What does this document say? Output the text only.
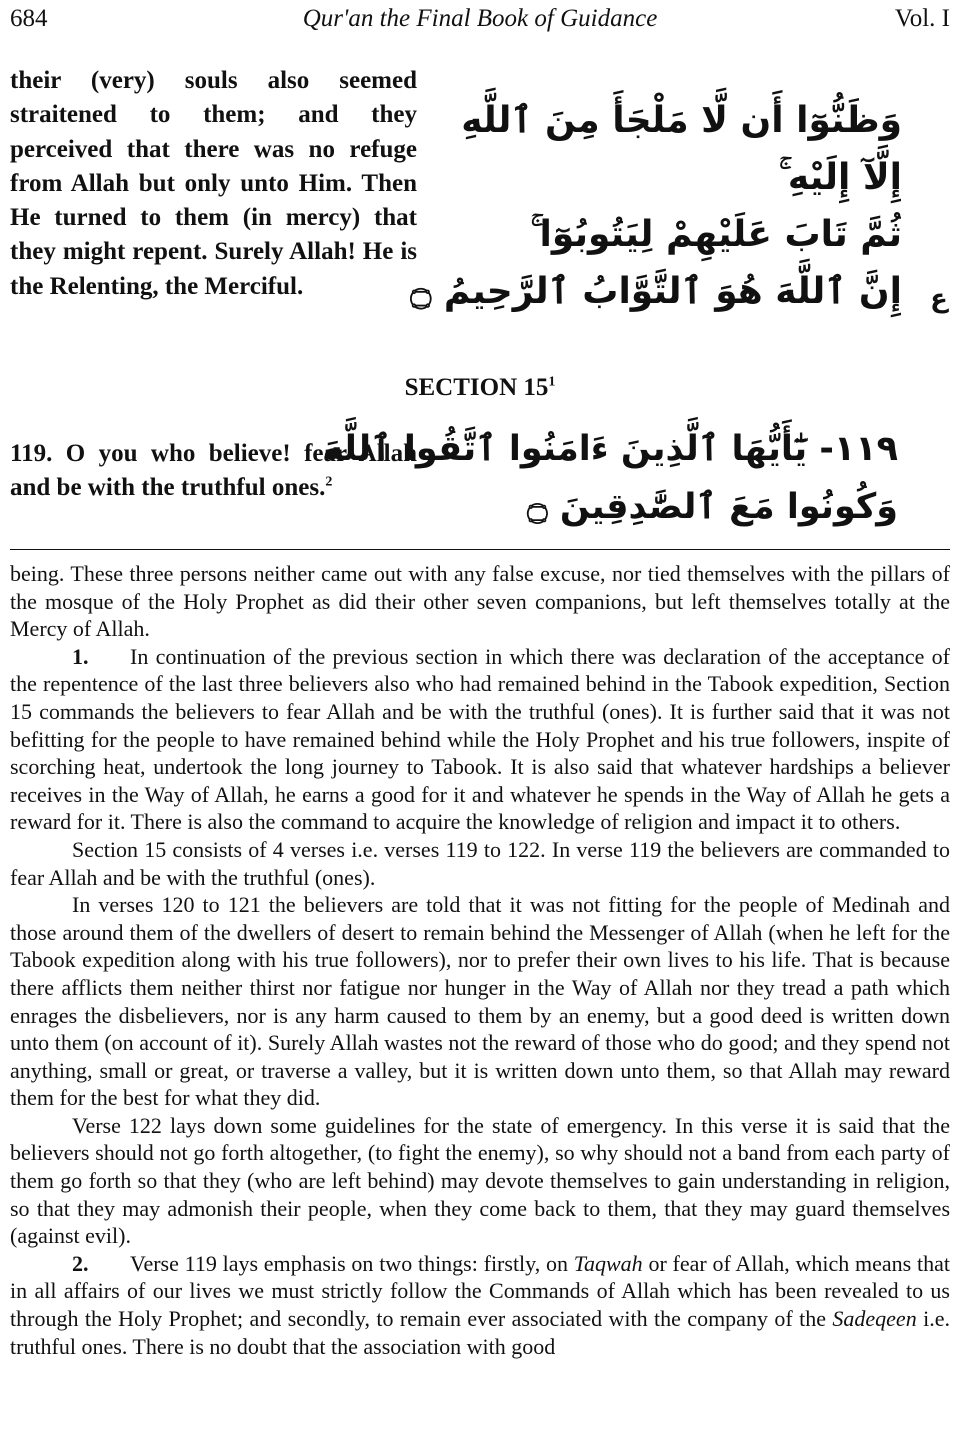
684	Qur'an the Final Book of Guidance	Vol. I
their (very) souls also seemed straitened to them; and they perceived that there was no refuge from Allah but only unto Him. Then He turned to them (in mercy) that they might repent. Surely Allah! He is the Relenting, the Merciful.
وَظَنُّوٓا أَن لَّا مَلْجَأَ مِنَ ٱللَّهِ
إِلَّآ إِلَيْهِ ۚ
ثُمَّ تَابَ عَلَيْهِمْ لِيَتُوبُوٓا ۚ
إِنَّ ٱللَّهَ هُوَ ٱلتَّوَّابُ ٱلرَّحِيمُ ۝ ع
SECTION $15^1$
119. O you who believe! fear Allah and be with the truthful ones.$^2$
١١٩- يَٰٓأَيُّهَا ٱلَّذِينَ ءَامَنُوا ٱتَّقُوا ٱللَّهَ
وَكُونُوا مَعَ ٱلصَّٰدِقِينَ ۝

being. These three persons neither came out with any false excuse, nor tied themselves with the pillars of the mosque of the Holy Prophet as did their other seven companions, but left themselves totally at the Mercy of Allah.

1. In continuation of the previous section in which there was declaration of the acceptance of the repentence of the last three believers also who had remained behind in the Tabook expedition, Section 15 commands the believers to fear Allah and be with the truthful (ones). It is further said that it was not befitting for the people to have remained behind while the Holy Prophet and his true followers, inspite of scorching heat, undertook the long journey to Tabook. It is also said that whatever hardships a believer receives in the Way of Allah, he earns a good for it and whatever he spends in the Way of Allah he gets a reward for it. There is also the command to acquire the knowledge of religion and impact it to others.

Section 15 consists of 4 verses i.e. verses 119 to 122. In verse 119 the believers are commanded to fear Allah and be with the truthful (ones).

In verses 120 to 121 the believers are told that it was not fitting for the people of Medinah and those around them of the dwellers of desert to remain behind the Messenger of Allah (when he left for the Tabook expedition along with his true followers), nor to prefer their own lives to his life. That is because there afflicts them neither thirst nor fatigue nor hunger in the Way of Allah nor they tread a path which enrages the disbelievers, nor is any harm caused to them by an enemy, but a good deed is written down unto them (on account of it). Surely Allah wastes not the reward of those who do good; and they spend not anything, small or great, or traverse a valley, but it is written down unto them, so that Allah may reward them for the best for what they did.

Verse 122 lays down some guidelines for the state of emergency. In this verse it is said that the believers should not go forth altogether, (to fight the enemy), so why should not a band from each party of them go forth so that they (who are left behind) may devote themselves to gain understanding in religion, so that they may admonish their people, when they come back to them, that they may guard themselves (against evil).

2. Verse 119 lays emphasis on two things: firstly, on Taqwah or fear of Allah, which means that in all affairs of our lives we must strictly follow the Commands of Allah which has been revealed to us through the Holy Prophet; and secondly, to remain ever associated with the company of the Sadeqeen i.e. truthful ones. There is no doubt that the association with good
